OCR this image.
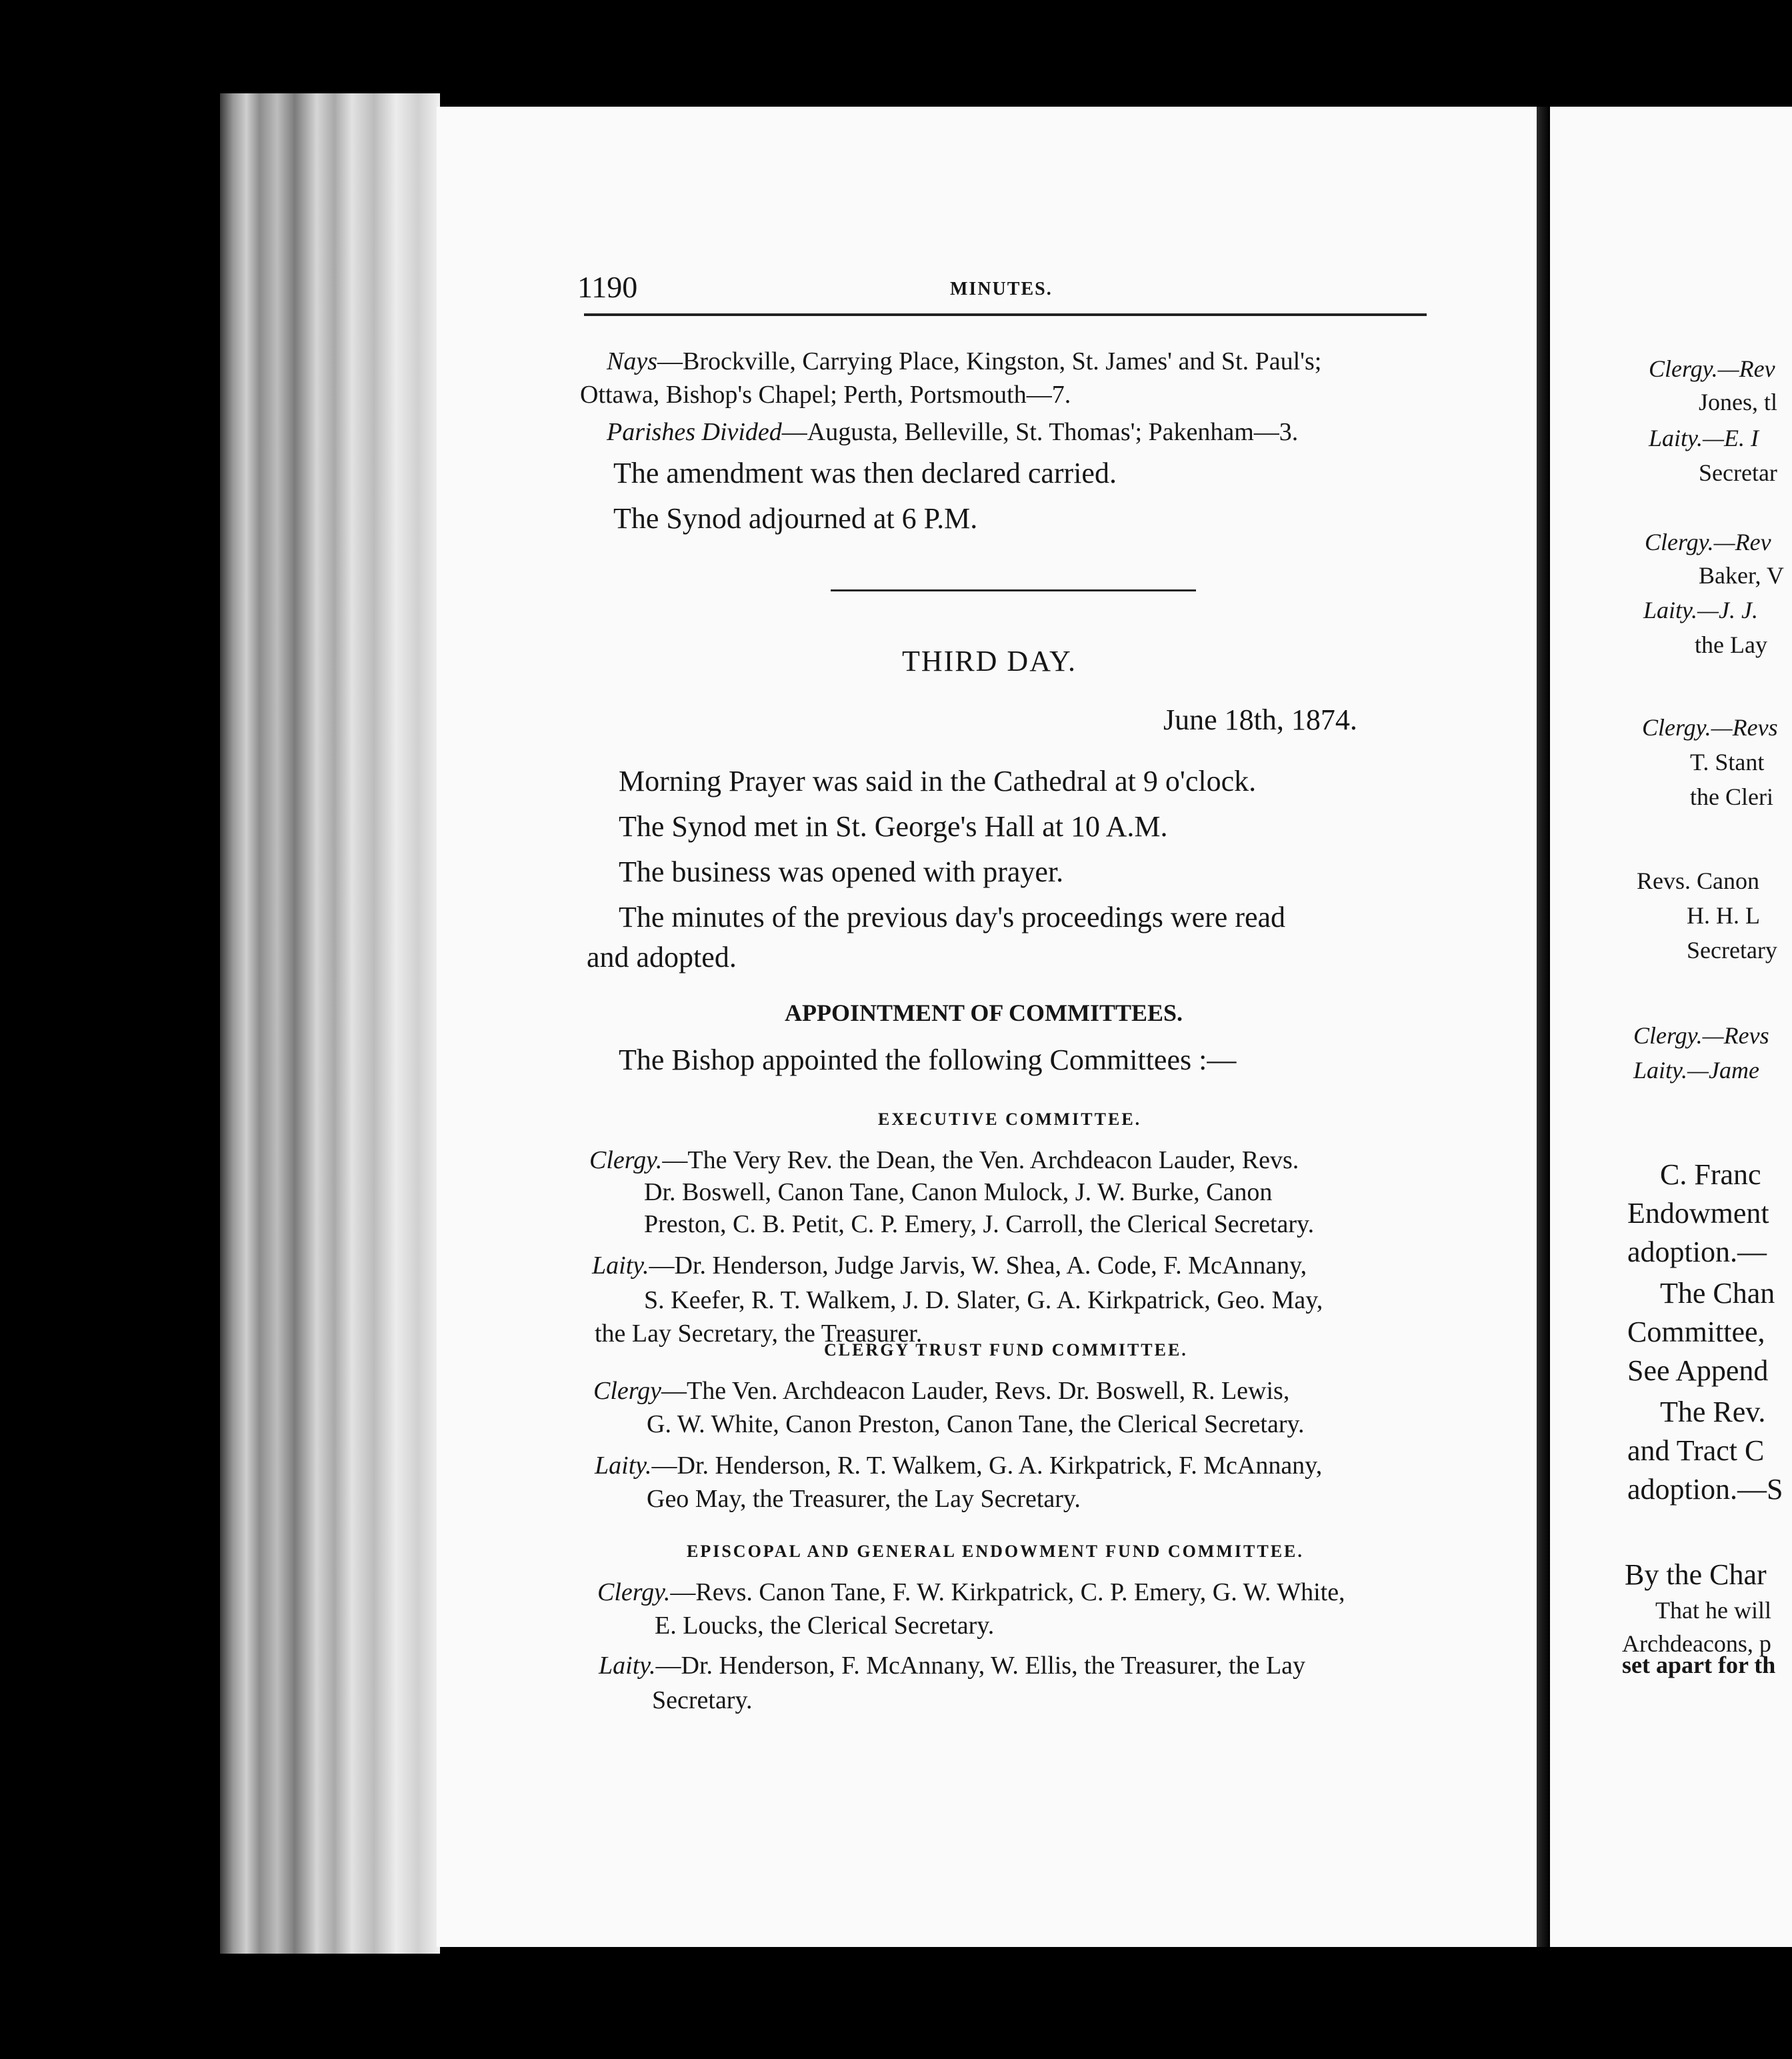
Clergy.—Rev
Jones, tl
Laity.—E. I
Secretar
Clergy.—Rev
Baker, V
Laity.—J. J.
the Lay
Clergy.—Revs
T. Stant
the Cleri
Revs. Canon
H. H. L
Secretary
Clergy.—Revs
Laity.—Jame
C. Franc
Endowment
adoption.—
The Chan
Committee,
See Append
The Rev.
and Tract C
adoption.—S
By the Char
That he will
Archdeacons, p
set apart for th
1190	MINUTES.
Nays—Brockville, Carrying Place, Kingston, St. James' and St. Paul's;
Ottawa, Bishop's Chapel; Perth, Portsmouth—7.
Parishes Divided—Augusta, Belleville, St. Thomas'; Pakenham—3.
The amendment was then declared carried.
The Synod adjourned at 6 P.M.
THIRD DAY.
June 18th, 1874.
Morning Prayer was said in the Cathedral at 9 o'clock.
The Synod met in St. George's Hall at 10 A.M.
The business was opened with prayer.
The minutes of the previous day's proceedings were read
and adopted.
APPOINTMENT OF COMMITTEES.
The Bishop appointed the following Committees :—
EXECUTIVE COMMITTEE.
Clergy.—The Very Rev. the Dean, the Ven. Archdeacon Lauder, Revs.
Dr. Boswell, Canon Tane, Canon Mulock, J. W. Burke, Canon
Preston, C. B. Petit, C. P. Emery, J. Carroll, the Clerical Secretary.
Laity.—Dr. Henderson, Judge Jarvis, W. Shea, A. Code, F. McAnnany,
S. Keefer, R. T. Walkem, J. D. Slater, G. A. Kirkpatrick, Geo. May,
the Lay Secretary, the Treasurer.
CLERGY TRUST FUND COMMITTEE.
Clergy—The Ven. Archdeacon Lauder, Revs. Dr. Boswell, R. Lewis,
G. W. White, Canon Preston, Canon Tane, the Clerical Secretary.
Laity.—Dr. Henderson, R. T. Walkem, G. A. Kirkpatrick, F. McAnnany,
Geo May, the Treasurer, the Lay Secretary.
EPISCOPAL AND GENERAL ENDOWMENT FUND COMMITTEE.
Clergy.—Revs. Canon Tane, F. W. Kirkpatrick, C. P. Emery, G. W. White,
E. Loucks, the Clerical Secretary.
Laity.—Dr. Henderson, F. McAnnany, W. Ellis, the Treasurer, the Lay
Secretary.
